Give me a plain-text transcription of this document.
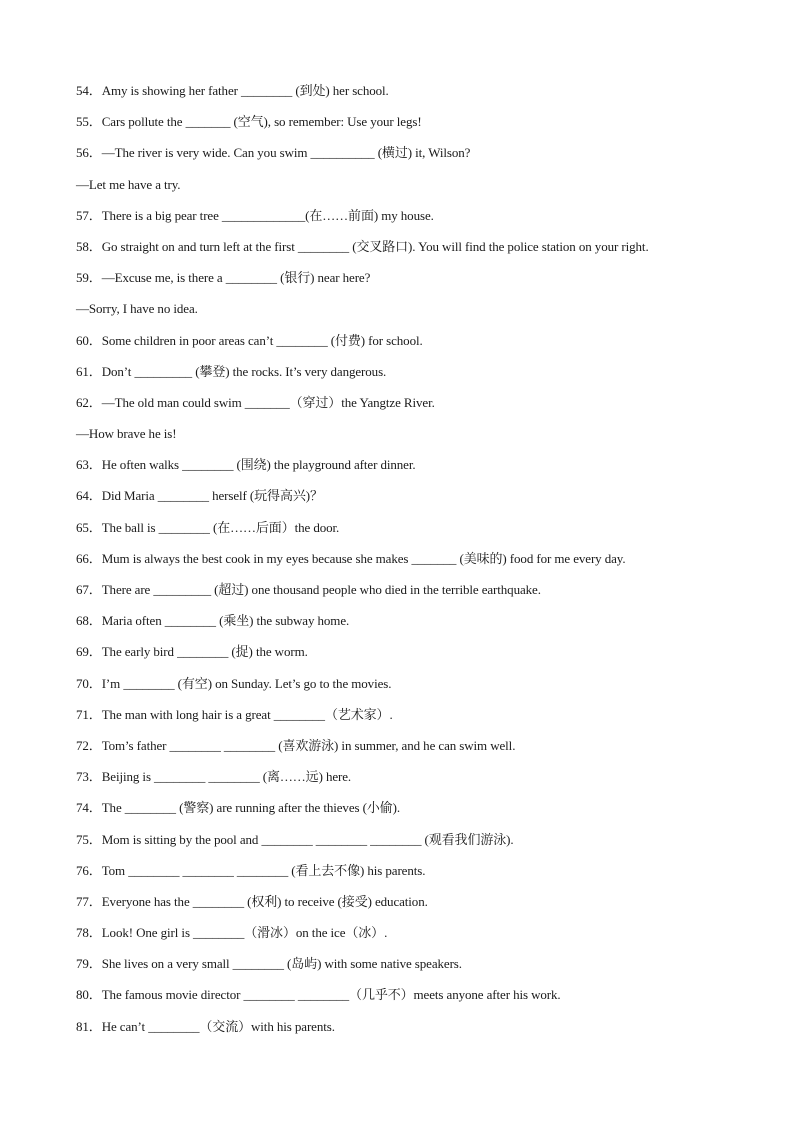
54．Amy is showing her father ________ (到处) her school.
55．Cars pollute the _______ (空气), so remember: Use your legs!
56．—The river is very wide. Can you swim __________ (横过) it, Wilson?
—Let me have a try.
57．There is a big pear tree _____________(在……前面) my house.
58．Go straight on and turn left at the first ________ (交叉路口). You will find the police station on your right.
59．—Excuse me, is there a ________ (银行) near here?
—Sorry, I have no idea.
60．Some children in poor areas can’t ________ (付费) for school.
61．Don’t _________ (攀登) the rocks. It’s very dangerous.
62．—The old man could swim _______（穿过）the Yangtze River.
—How brave he is!
63．He often walks ________ (围绕) the playground after dinner.
64．Did Maria ________ herself (玩得高兴)？
65．The ball is ________ (在……后面）the door.
66．Mum is always the best cook in my eyes because she makes _______ (美味的) food for me every day.
67．There are _________ (超过) one thousand people who died in the terrible earthquake.
68．Maria often ________ (乘坐) the subway home.
69．The early bird ________ (捉) the worm.
70．I’m ________ (有空) on Sunday. Let’s go to the movies.
71．The man with long hair is a great ________（艺术家）.
72．Tom’s father ________ ________ (喜欢游泳) in summer, and he can swim well.
73．Beijing is ________ ________ (离……远) here.
74．The ________ (警察) are running after the thieves (小偷).
75．Mom is sitting by the pool and ________ ________ ________ (观看我们游泳).
76．Tom ________ ________ ________ (看上去不像) his parents.
77．Everyone has the ________ (权利) to receive (接受) education.
78．Look! One girl is ________（滑冰）on the ice（冰）.
79．She lives on a very small ________ (岛屿) with some native speakers.
80．The famous movie director ________ ________（几乎不）meets anyone after his work.
81．He can’t ________（交流）with his parents.
